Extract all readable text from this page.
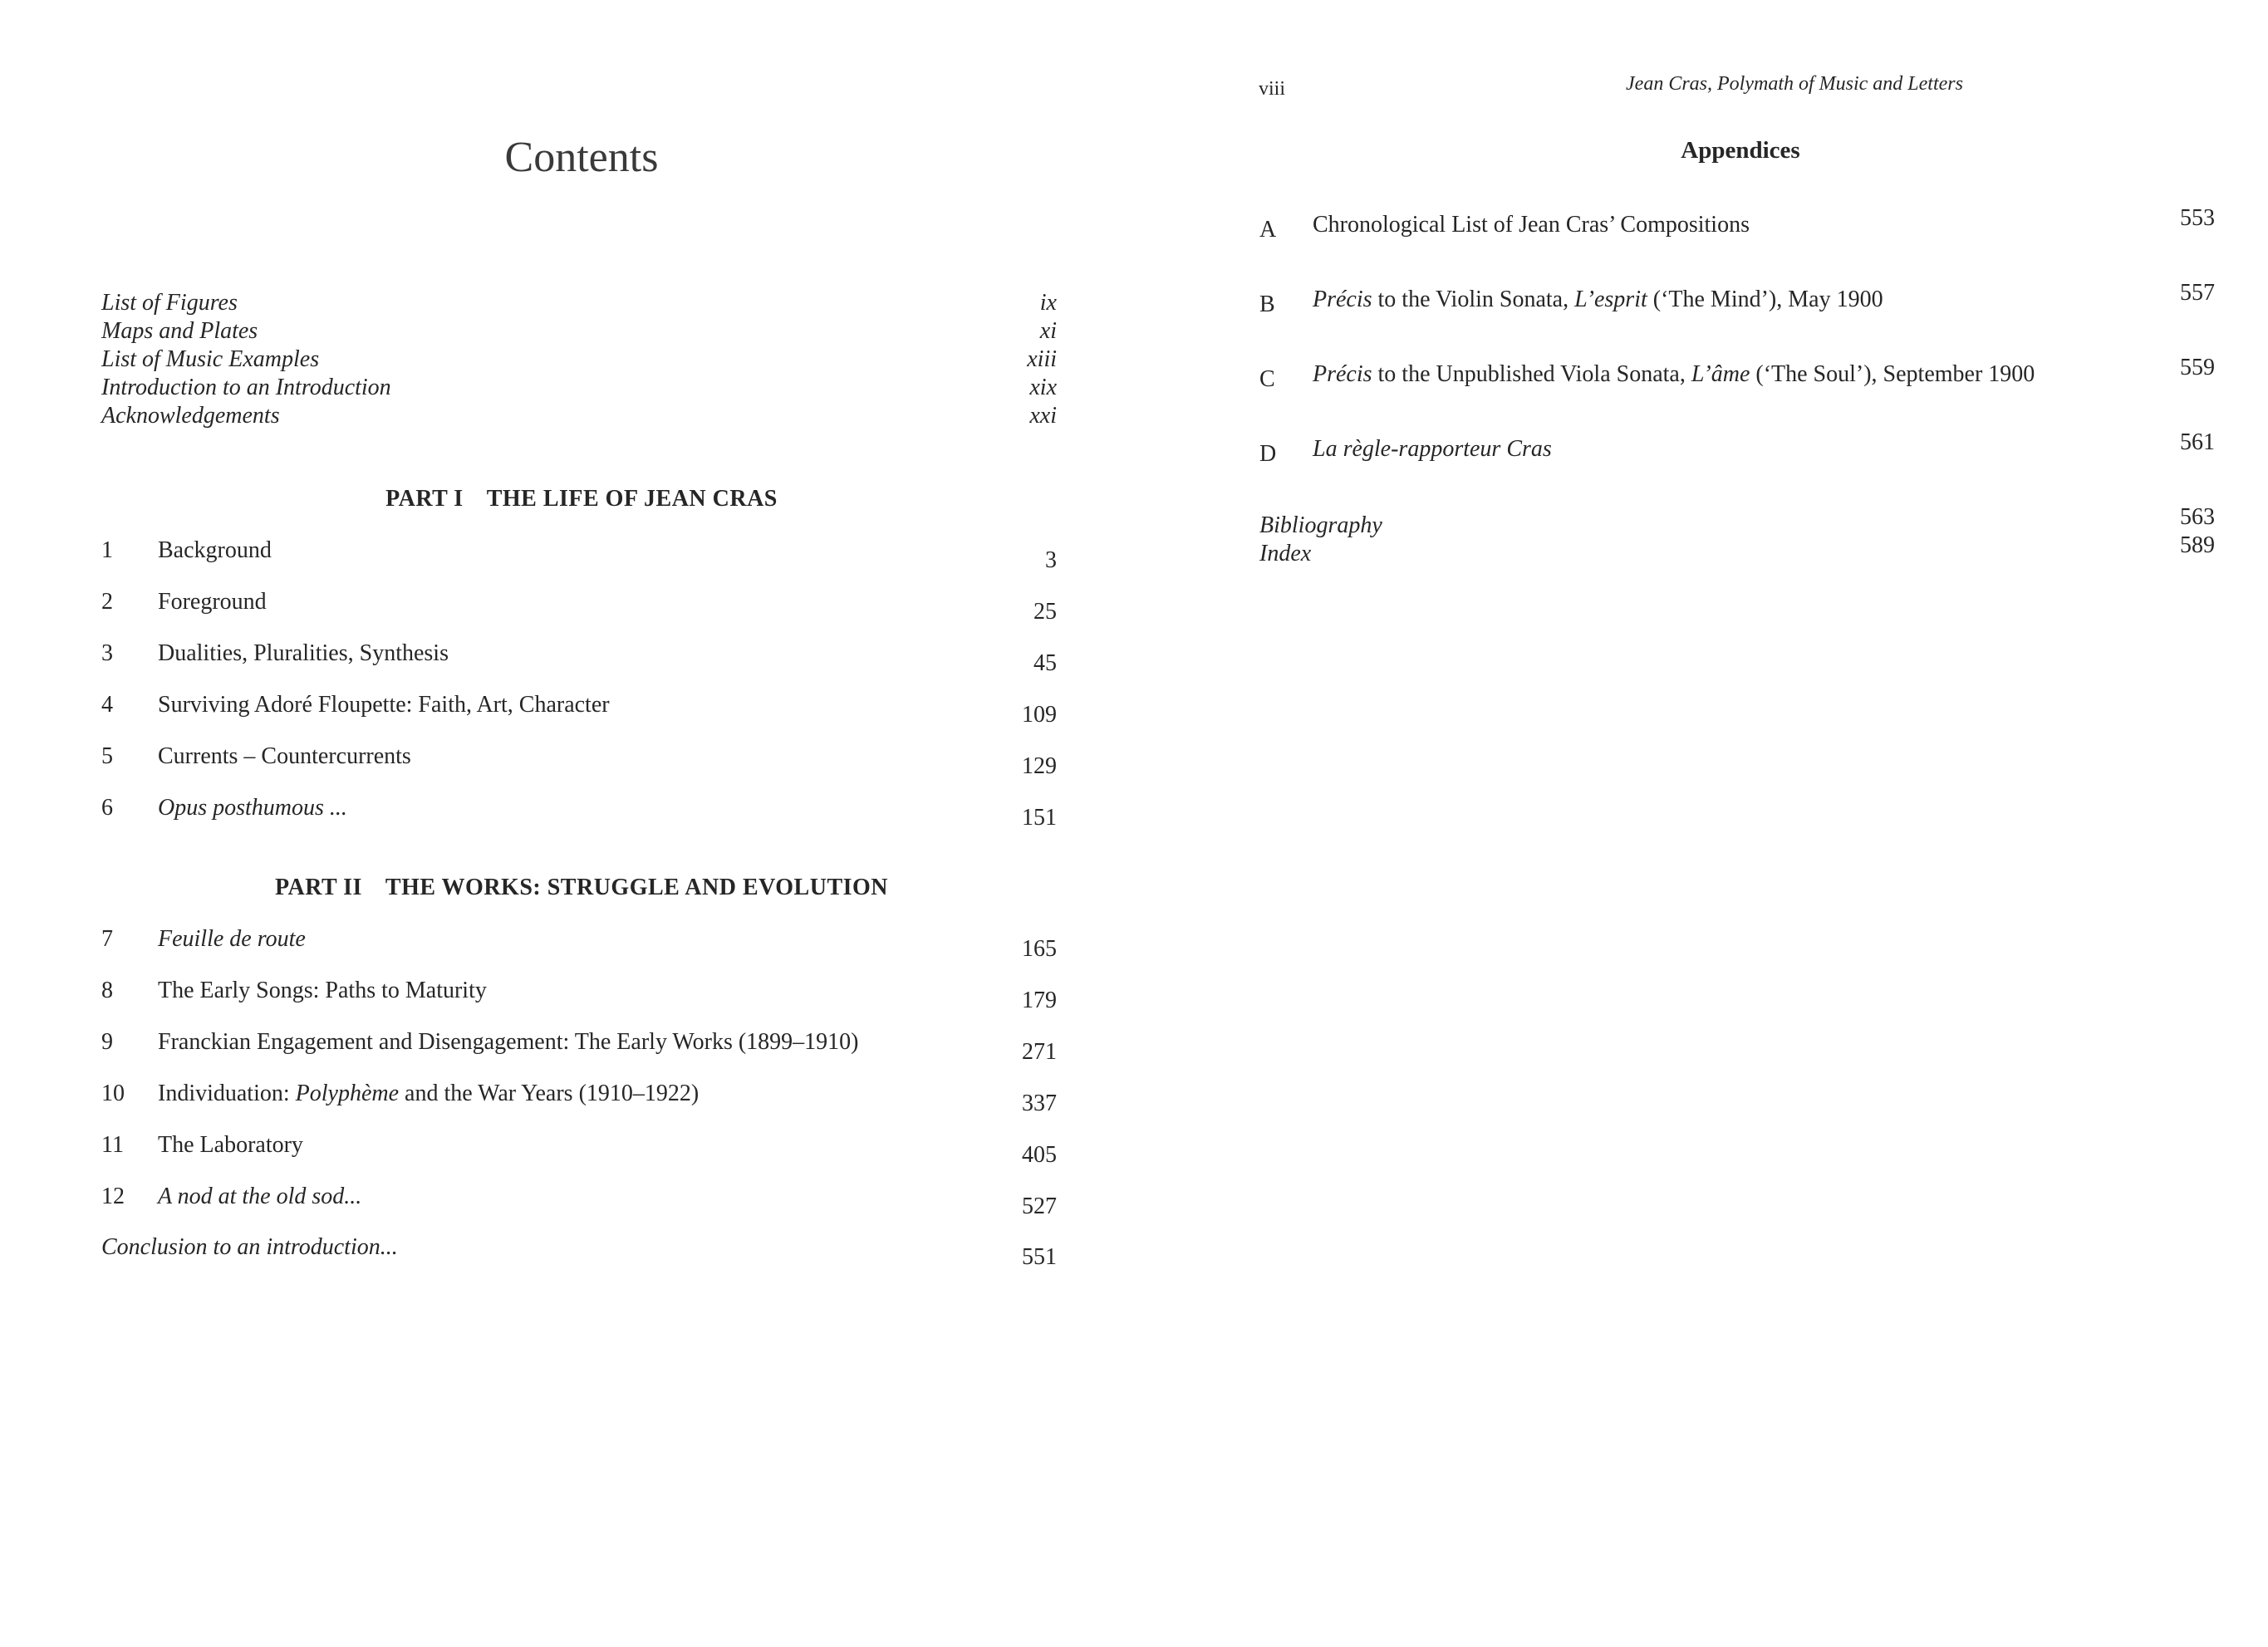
Contents
List of Figures	ix
Maps and Plates	xi
List of Music Examples	xiii
Introduction to an Introduction	xix
Acknowledgements	xxi
PART I THE LIFE OF JEAN CRAS
1 Background	3
2 Foreground	25
3 Dualities, Pluralities, Synthesis	45
4 Surviving Adoré Floupette: Faith, Art, Character	109
5 Currents – Countercurrents	129
6 Opus posthumous ...	151
PART II THE WORKS: STRUGGLE AND EVOLUTION
7 Feuille de route	165
8 The Early Songs: Paths to Maturity	179
9 Franckian Engagement and Disengagement: The Early Works (1899–1910)	271
10 Individuation: Polyphème and the War Years (1910–1922)	337
11 The Laboratory	405
12 A nod at the old sod...	527
Conclusion to an introduction...	551
viii	Jean Cras, Polymath of Music and Letters
Appendices
A Chronological List of Jean Cras’ Compositions	553
B Précis to the Violin Sonata, L’esprit (‘The Mind’), May 1900	557
C Précis to the Unpublished Viola Sonata, L’âme (‘The Soul’), September 1900	559
D La règle-rapporteur Cras	561
Bibliography	563
Index	589
